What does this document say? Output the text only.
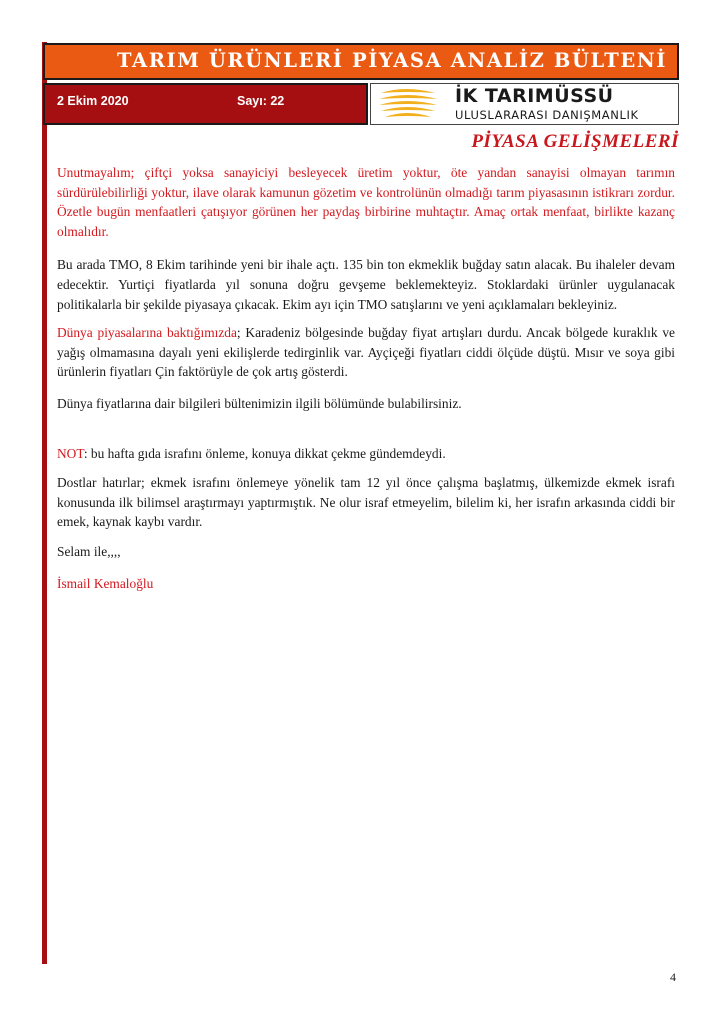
TARIM ÜRÜNLERİ PİYASA ANALİZ BÜLTENİ
2 Ekim 2020	Sayı: 22	İK TARIMÜSSÜ
ULUSLARARASI DANIŞMANLIK
PİYASA GELİŞMELERİ

Unutmayalım; çiftçi yoksa sanayiciyi besleyecek üretim yoktur, öte yandan sanayisi olmayan tarımın sürdürülebilirliği yoktur, ilave olarak kamunun gözetim ve kontrolünün olmadığı tarım piyasasının istikrarı zordur. Özetle bugün menfaatleri çatışıyor görünen her paydaş birbirine muhtaçtır. Amaç ortak menfaat, birlikte kazanç olmalıdır.

Bu arada TMO, 8 Ekim tarihinde yeni bir ihale açtı. 135 bin ton ekmeklik buğday satın alacak. Bu ihaleler devam edecektir. Yurtiçi fiyatlarda yıl sonuna doğru gevşeme beklemekteyiz. Stoklardaki ürünler uygulanacak politikalarla bir şekilde piyasaya çıkacak. Ekim ayı için TMO satışlarını ve yeni açıklamaları bekleyiniz.

Dünya piyasalarına baktığımızda; Karadeniz bölgesinde buğday fiyat artışları durdu. Ancak bölgede kuraklık ve yağış olmamasına dayalı yeni ekilişlerde tedirginlik var. Ayçiçeği fiyatları ciddi ölçüde düştü. Mısır ve soya gibi ürünlerin fiyatları Çin faktörüyle de çok artış gösterdi.

Dünya fiyatlarına dair bilgileri bültenimizin ilgili bölümünde bulabilirsiniz.

NOT: bu hafta gıda israfını önleme, konuya dikkat çekme gündemdeydi.

Dostlar hatırlar; ekmek israfını önlemeye yönelik tam 12 yıl önce çalışma başlatmış, ülkemizde ekmek israfı konusunda ilk bilimsel araştırmayı yaptırmıştık. Ne olur israf etmeyelim, bilelim ki, her israfın arkasında ciddi bir emek, kaynak kaybı vardır.

Selam ile,,,,

İsmail Kemaloğlu

4
